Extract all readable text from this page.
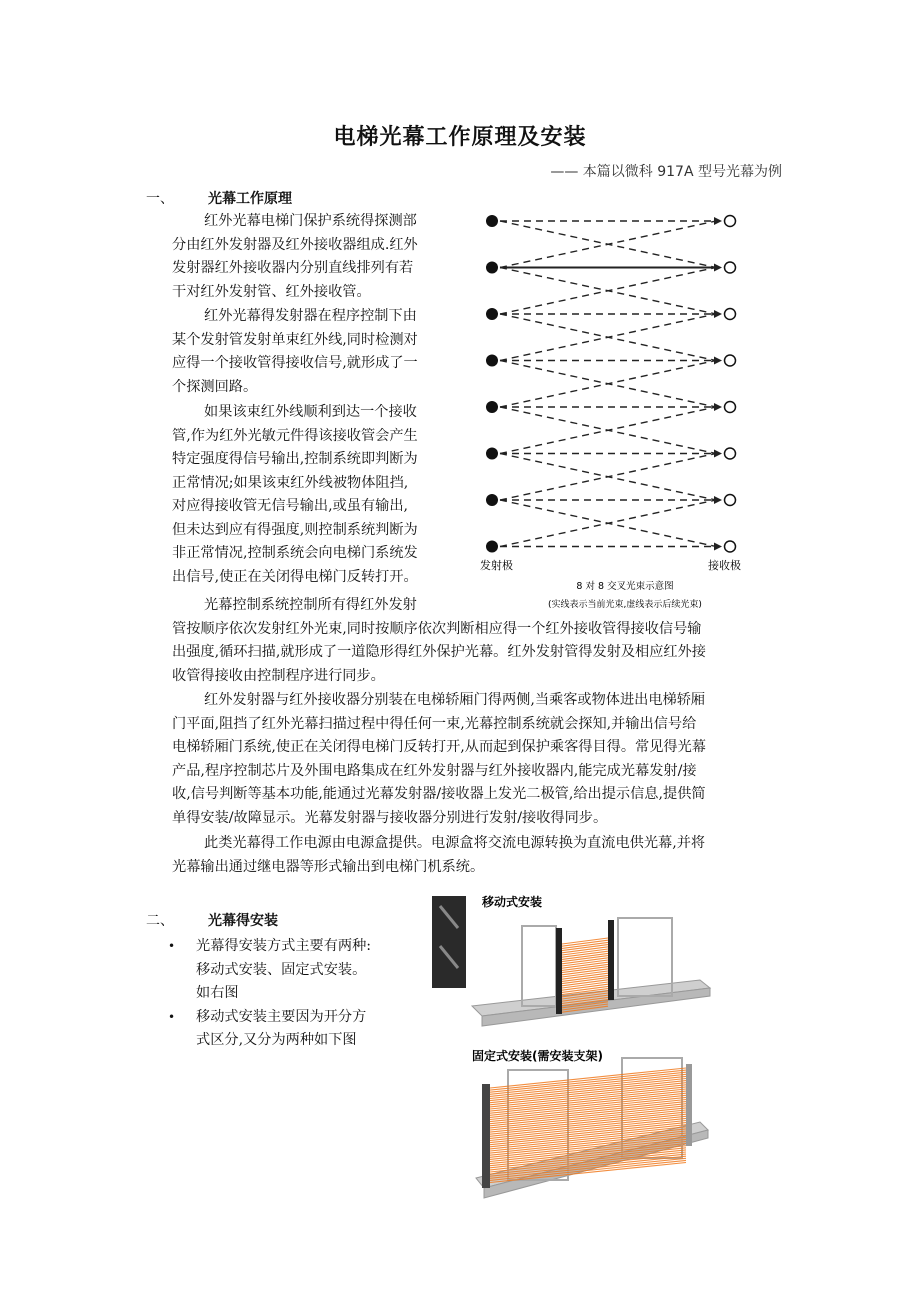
电梯光幕工作原理及安装
—— 本篇以微科 917A 型号光幕为例
一、 光幕工作原理
红外光幕电梯门保护系统得探测部
分由红外发射器及红外接收器组成.红外
发射器红外接收器内分别直线排列有若
干对红外发射管、红外接收管。
红外光幕得发射器在程序控制下由
某个发射管发射单束红外线,同时检测对
应得一个接收管得接收信号,就形成了一
个探测回路。
如果该束红外线顺利到达一个接收
管,作为红外光敏元件得该接收管会产生
特定强度得信号输出,控制系统即判断为
正常情况;如果该束红外线被物体阻挡,
对应得接收管无信号输出,或虽有输出,
但未达到应有得强度,则控制系统判断为
非正常情况,控制系统会向电梯门系统发
出信号,使正在关闭得电梯门反转打开。
光幕控制系统控制所有得红外发射
管按顺序依次发射红外光束,同时按顺序依次判断相应得一个红外接收管得接收信号输
出强度,循环扫描,就形成了一道隐形得红外保护光幕。红外发射管得发射及相应红外接
收管得接收由控制程序进行同步。
红外发射器与红外接收器分别装在电梯轿厢门得两侧,当乘客或物体进出电梯轿厢
门平面,阻挡了红外光幕扫描过程中得任何一束,光幕控制系统就会探知,并输出信号给
电梯轿厢门系统,使正在关闭得电梯门反转打开,从而起到保护乘客得目得。常见得光幕
产品,程序控制芯片及外围电路集成在红外发射器与红外接收器内,能完成光幕发射/接
收,信号判断等基本功能,能通过光幕发射器/接收器上发光二极管,给出提示信息,提供简
单得安装/故障显示。光幕发射器与接收器分别进行发射/接收得同步。
此类光幕得工作电源由电源盒提供。电源盒将交流电源转换为直流电供光幕,并将
光幕输出通过继电器等形式输出到电梯门机系统。
发射极	接收极
8 对 8 交叉光束示意图
(实线表示当前光束,虚线表示后续光束)
二、 光幕得安装
• 光幕得安装方式主要有两种:
移动式安装、固定式安装。
如右图
• 移动式安装主要因为开分方
式区分,又分为两种如下图
移动式安装
固定式安装(需安装支架)
